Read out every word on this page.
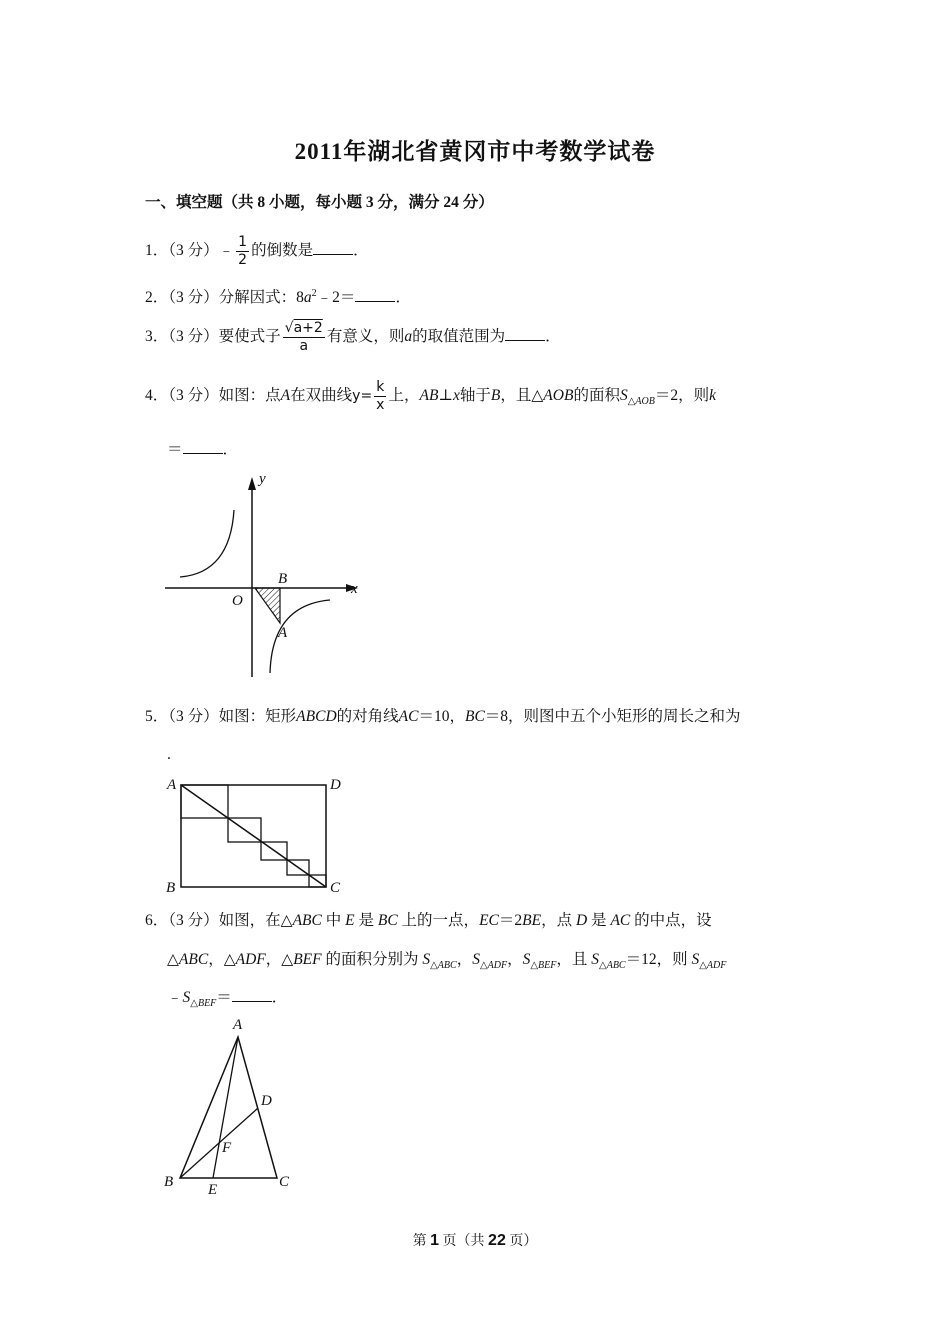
2011年湖北省黄冈市中考数学试卷
一、填空题（共 8 小题，每小题 3 分，满分 24 分）
1．（3 分）﹣ $\frac{1}{2}$ 的倒数是	．
2．（3 分）分解因式：$8a^2﹣2=$	．
3．（3 分）要使式子 $\frac{√a+2}{a}$ 有意义，则a的取值范围为	．
4．（3 分）如图：点A在双曲线$y= \frac{k}{x}$ 上，AB⊥x轴于B，且△AOB的面积$S_{\triangle AOB}=2$，则k
＝	．
y
x
O
B
A
5．（3 分）如图：矩形ABCD的对角线AC＝10，BC＝8，则图中五个小矩形的周长之和为
.
A	D
B	C
6．（3 分）如图，在△ABC 中 E 是 BC 上的一点，EC＝2BE，点 D 是 AC 的中点，设
△ABC，△ADF，△BEF 的面积分别为 $S_{\triangle ABC}$，$S_{\triangle ADF}$，$S_{\triangle BEF}$，且 $S_{\triangle ABC}=12$，则 $S_{\triangle ADF}$
$﹣S_{\triangle BEF}=$	．
A
D
F
B E	C
第 1 页（共 22 页）
